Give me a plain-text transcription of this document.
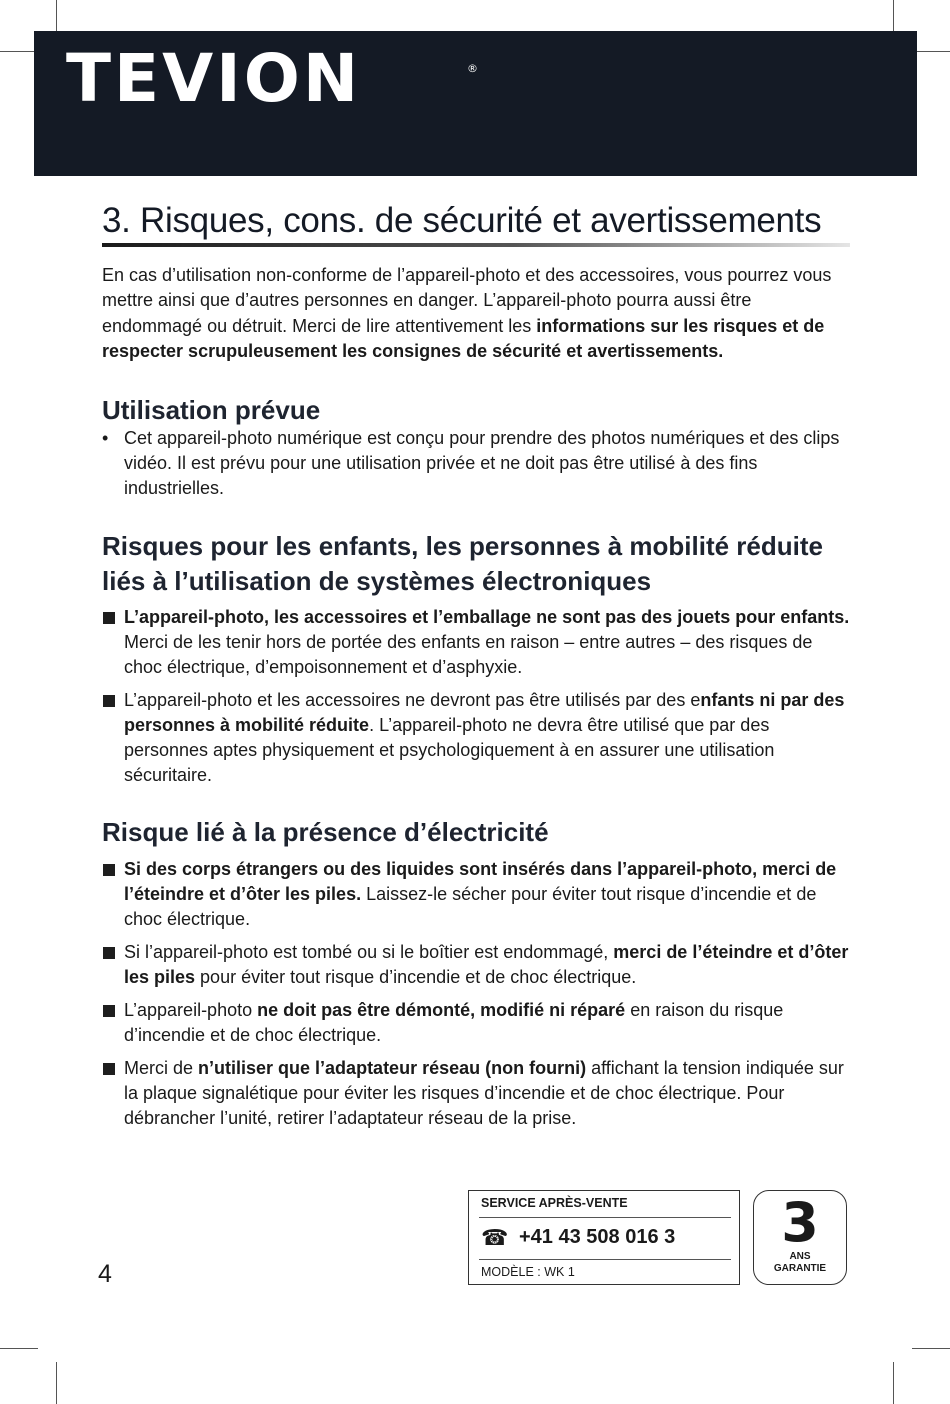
TEVION	®
3. Risques, cons. de sécurité et avertissements

En cas d’utilisation non-conforme de l’appareil-photo et des accessoires, vous pourrez vous mettre ainsi que d’autres personnes en danger. L’appareil-photo pourra aussi être endommagé ou détruit. Merci de lire attentivement les informations sur les risques et de respecter scrupuleusement les consignes de sécurité et avertissements.

Utilisation prévue
• Cet appareil-photo numérique est conçu pour prendre des photos numériques et des clips vidéo. Il est prévu pour une utilisation privée et ne doit pas être utilisé à des fins industrielles.

Risques pour les enfants, les personnes à mobilité réduite
liés à l’utilisation de systèmes électroniques

L’appareil-photo, les accessoires et l’emballage ne sont pas des jouets pour enfants. Merci de les tenir hors de portée des enfants en raison – entre autres – des risques de choc électrique, d’empoisonnement et d’asphyxie.

L’appareil-photo et les accessoires ne devront pas être utilisés par des enfants ni par des personnes à mobilité réduite. L’appareil-photo ne devra être utilisé que par des personnes aptes physiquement et psychologiquement à en assurer une utilisation sécuritaire.

Risque lié à la présence d’électricité

Si des corps étrangers ou des liquides sont insérés dans l’appareil-photo, merci de l’éteindre et d’ôter les piles. Laissez-le sécher pour éviter tout risque d’incendie et de choc électrique.

Si l’appareil-photo est tombé ou si le boîtier est endommagé, merci de l’éteindre et d’ôter les piles pour éviter tout risque d’incendie et de choc électrique.

L’appareil-photo ne doit pas être démonté, modifié ni réparé en raison du risque d’incendie et de choc électrique.

Merci de n’utiliser que l’adaptateur réseau (non fourni) affichant la tension indiquée sur la plaque signalétique pour éviter les risques d’incendie et de choc électrique. Pour débrancher l’unité, retirer l’adaptateur réseau de la prise.

4
SERVICE APRÈS-VENTE
☎ +41 43 508 016 3
MODÈLE : WK 1
3
ANS
GARANTIE
